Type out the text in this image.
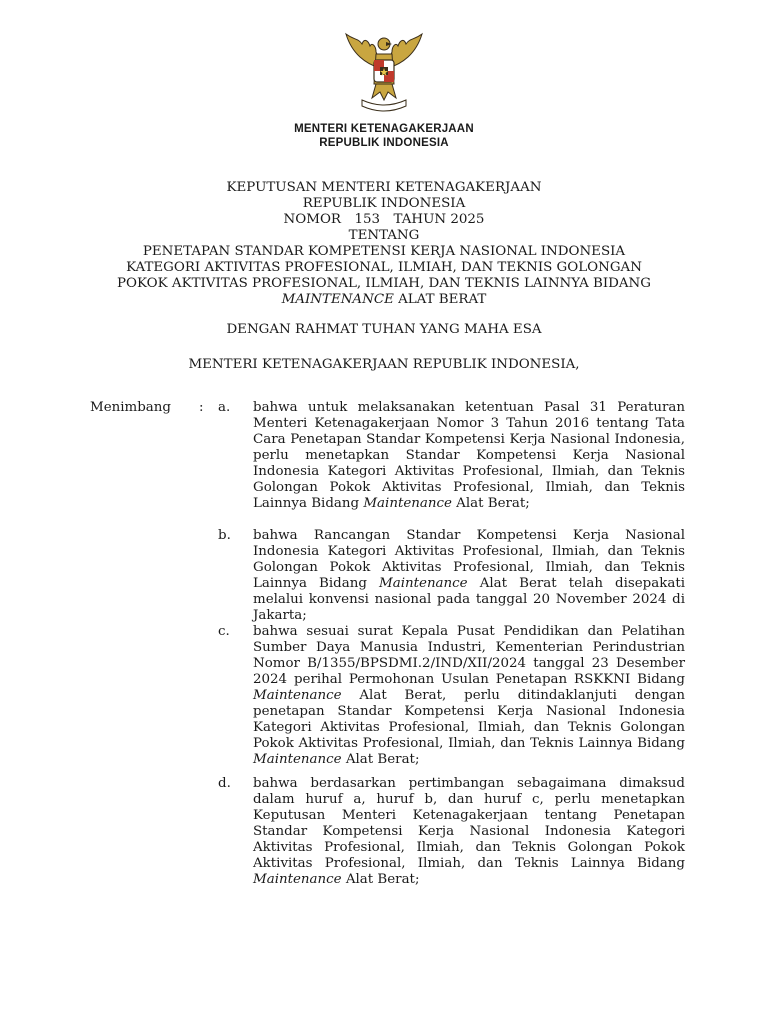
MENTERI KETENAGAKERJAAN
REPUBLIK INDONESIA
KEPUTUSAN MENTERI KETENAGAKERJAAN
REPUBLIK INDONESIA
NOMOR 153 TAHUN 2025
TENTANG
PENETAPAN STANDAR KOMPETENSI KERJA NASIONAL INDONESIA
KATEGORI AKTIVITAS PROFESIONAL, ILMIAH, DAN TEKNIS GOLONGAN
POKOK AKTIVITAS PROFESIONAL, ILMIAH, DAN TEKNIS LAINNYA BIDANG
MAINTENANCE ALAT BERAT
DENGAN RAHMAT TUHAN YANG MAHA ESA
MENTERI KETENAGAKERJAAN REPUBLIK INDONESIA,
Menimbang : a. bahwa untuk melaksanakan ketentuan Pasal 31 Peraturan Menteri Ketenagakerjaan Nomor 3 Tahun 2016 tentang Tata Cara Penetapan Standar Kompetensi Kerja Nasional Indonesia, perlu menetapkan Standar Kompetensi Kerja Nasional Indonesia Kategori Aktivitas Profesional, Ilmiah, dan Teknis Golongan Pokok Aktivitas Profesional, Ilmiah, dan Teknis Lainnya Bidang Maintenance Alat Berat;
b. bahwa Rancangan Standar Kompetensi Kerja Nasional Indonesia Kategori Aktivitas Profesional, Ilmiah, dan Teknis Golongan Pokok Aktivitas Profesional, Ilmiah, dan Teknis Lainnya Bidang Maintenance Alat Berat telah disepakati melalui konvensi nasional pada tanggal 20 November 2024 di Jakarta;
c. bahwa sesuai surat Kepala Pusat Pendidikan dan Pelatihan Sumber Daya Manusia Industri, Kementerian Perindustrian Nomor B/1355/BPSDMI.2/IND/XII/2024 tanggal 23 Desember 2024 perihal Permohonan Usulan Penetapan RSKKNI Bidang Maintenance Alat Berat, perlu ditindaklanjuti dengan penetapan Standar Kompetensi Kerja Nasional Indonesia Kategori Aktivitas Profesional, Ilmiah, dan Teknis Golongan Pokok Aktivitas Profesional, Ilmiah, dan Teknis Lainnya Bidang Maintenance Alat Berat;
d. bahwa berdasarkan pertimbangan sebagaimana dimaksud dalam huruf a, huruf b, dan huruf c, perlu menetapkan Keputusan Menteri Ketenagakerjaan tentang Penetapan Standar Kompetensi Kerja Nasional Indonesia Kategori Aktivitas Profesional, Ilmiah, dan Teknis Golongan Pokok Aktivitas Profesional, Ilmiah, dan Teknis Lainnya Bidang Maintenance Alat Berat;
